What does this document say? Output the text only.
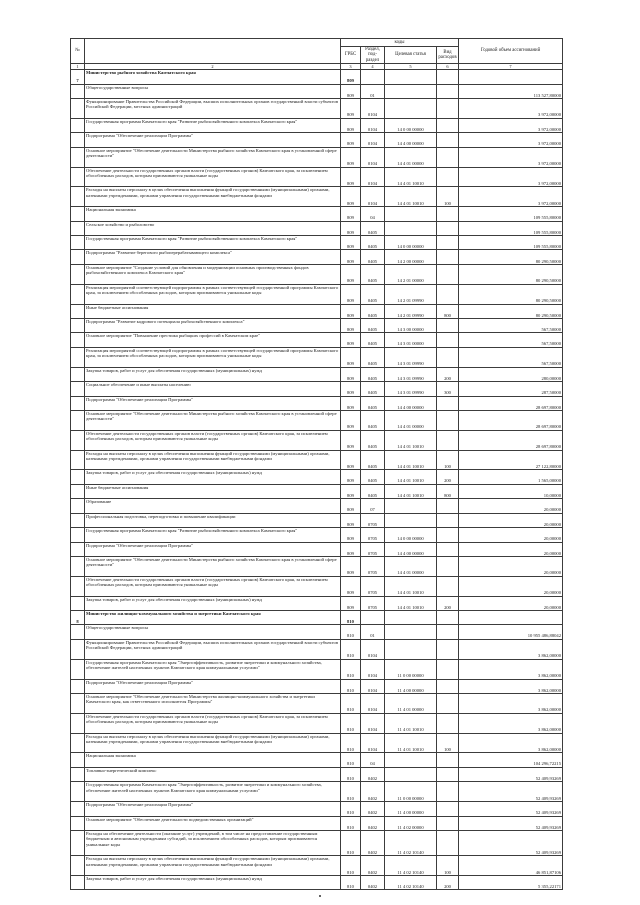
№		коды				Годовой объем ассигнований
		ГРБС	Раздел, под-раздел	Целевая статья	Вид расходов	
1	2	3	4	5	6	7
7	Министерство рыбного хозяйства Камчатского края	809				
	Общегосударственные вопросы	809	01			113 527,80000
	Функционирование Правительства Российской Федерации, высших исполнительных органов государственной власти субъектов Российской Федерации, местных администраций	809	0104			3 972,00000
	Государственная программа Камчатского края "Развитие рыбохозяйственного комплекса Камчатского края"	809	0104	14 0 00 00000		3 972,00000
	Подпрограмма "Обеспечение реализации Программы"	809	0104	14 4 00 00000		3 972,00000
	Основное мероприятие "Обеспечение деятельности Министерства рыбного хозяйства Камчатского края в установленной сфере деятельности"	809	0104	14 4 01 00000		3 972,00000
	Обеспечение деятельности государственных органов власти (государственных органов) Камчатского края, за исключением обособленных расходов, которым присваиваются уникальные коды	809	0104	14 4 01 10010		3 972,00000
	Расходы на выплаты персоналу в целях обеспечения выполнения функций государственными (муниципальными) органами, казенными учреждениями, органами управления государственными внебюджетными фондами	809	0104	14 4 01 10010	100	3 972,00000
	Национальная экономика	809	04			109 555,80000
	Сельское хозяйство и рыболовство	809	0405			109 555,80000
	Государственная программа Камчатского края "Развитие рыбохозяйственного комплекса Камчатского края"	809	0405	14 0 00 00000		109 555,80000
	Подпрограмма "Развитие берегового рыбоперерабатывающего комплекса"	809	0405	14 2 00 00000		80 290,50000
	Основное мероприятие "Создание условий для обновления и модернизации основных производственных фондов рыбохозяйственного комплекса Камчатского края"	809	0405	14 2 01 00000		80 290,50000
	Реализация мероприятий соответствующей подпрограммы в рамках соответствующей государственной программы Камчатского края, за исключением обособленных расходов, которым присваиваются уникальные коды	809	0405	14 2 01 09990		80 290,50000
	Иные бюджетные ассигнования	809	0405	14 2 01 09990	800	80 290,50000
	Подпрограмма "Развитие кадрового потенциала рыбохозяйственного комплекса"	809	0405	14 3 00 00000		567,50000
	Основное мероприятие "Повышение престижа рыбацких профессий в Камчатском крае"	809	0405	14 3 01 00000		567,50000
	Реализация мероприятий соответствующей подпрограммы в рамках соответствующей государственной программы Камчатского края, за исключением обособленных расходов, которым присваиваются уникальные коды	809	0405	14 3 01 09990		567,50000
	Закупка товаров, работ и услуг для обеспечения государственных (муниципальных) нужд	809	0405	14 3 01 09990	200	280,00000
	Социальное обеспечение и иные выплаты населению	809	0405	14 3 01 09990	300	287,50000
	Подпрограмма "Обеспечение реализации Программы"	809	0405	14 4 00 00000		28 697,80000
	Основное мероприятие "Обеспечение деятельности Министерства рыбного хозяйства Камчатского края в установленной сфере деятельности"	809	0405	14 4 01 00000		28 697,80000
	Обеспечение деятельности государственных органов власти (государственных органов) Камчатского края, за исключением обособленных расходов, которым присваиваются уникальные коды	809	0405	14 4 01 10010		28 697,80000
	Расходы на выплаты персоналу в целях обеспечения выполнения функций государственными (муниципальными) органами, казенными учреждениями, органами управления государственными внебюджетными фондами	809	0405	14 4 01 10010	100	27 122,80000
	Закупка товаров, работ и услуг для обеспечения государственных (муниципальных) нужд	809	0405	14 4 01 10010	200	1 565,00000
	Иные бюджетные ассигнования	809	0405	14 4 01 10010	800	10,00000
	Образование	809	07			20,00000
	Профессиональная подготовка, переподготовка и повышение квалификации	809	0705			20,00000
	Государственная программа Камчатского края "Развитие рыбохозяйственного комплекса Камчатского края"	809	0705	14 0 00 00000		20,00000
	Подпрограмма "Обеспечение реализации Программы"	809	0705	14 4 00 00000		20,00000
	Основное мероприятие "Обеспечение деятельности Министерства рыбного хозяйства Камчатского края в установленной сфере деятельности"	809	0705	14 4 01 00000		20,00000
	Обеспечение деятельности государственных органов власти (государственных органов) Камчатского края, за исключением обособленных расходов, которым присваиваются уникальные коды	809	0705	14 4 01 10010		20,00000
	Закупка товаров, работ и услуг для обеспечения государственных (муниципальных) нужд	809	0705	14 4 01 10010	200	20,00000
8	Министерство жилищно-коммунального хозяйства и энергетики Камчатского края	810				
	Общегосударственные вопросы	810	01			10 955 486,88042
	Функционирование Правительства Российской Федерации, высших исполнительных органов государственной власти субъектов Российской Федерации, местных администраций	810	0104			3 862,00000
	Государственная программа Камчатского края "Энергоэффективность, развитие энергетики и коммунального хозяйства, обеспечение жителей населенных пунктов Камчатского края коммунальными услугами"	810	0104	11 0 00 00000		3 862,00000
	Подпрограмма "Обеспечение реализации Программы"	810	0104	11 4 00 00000		3 862,00000
	Основное мероприятие "Обеспечение деятельности Министерства жилищно-коммунального хозяйства и энергетики Камчатского края, как ответственного исполнителя Программы"	810	0104	11 4 01 00000		3 862,00000
	Обеспечение деятельности государственных органов власти (государственных органов) Камчатского края, за исключением обособленных расходов, которым присваиваются уникальные коды	810	0104	11 4 01 10010		3 862,00000
	Расходы на выплаты персоналу в целях обеспечения выполнения функций государственными (муниципальными) органами, казенными учреждениями, органами управления государственными внебюджетными фондами	810	0104	11 4 01 10010	100	3 862,00000
	Национальная экономика	810	04			104 296,72215
	Топливно-энергетический комплекс	810	0402			52 409,93269
	Государственная программа Камчатского края "Энергоэффективность, развитие энергетики и коммунального хозяйства, обеспечение жителей населенных пунктов Камчатского края коммунальными услугами"	810	0402	11 0 00 00000		52 409,93269
	Подпрограмма "Обеспечение реализации Программы"	810	0402	11 4 00 00000		52 409,93269
	Основное мероприятие "Обеспечение деятельности подведомственных организаций"	810	0402	11 4 02 00000		52 409,93269
	Расходы на обеспечение деятельности (оказание услуг) учреждений, в том числе на предоставление государственным бюджетным и автономным учреждениям субсидий, за исключением обособленных расходов, которым присваиваются уникальные коды	810	0402	11 4 02 10140		52 409,93269
	Расходы на выплаты персоналу в целях обеспечения выполнения функций государственными (муниципальными) органами, казенными учреждениями, органами управления государственными внебюджетными фондами	810	0402	11 4 02 10140	100	46 851,87106
	Закупка товаров, работ и услуг для обеспечения государственных (муниципальных) нужд	810	0402	11 4 02 10140	200	5 355,22171
